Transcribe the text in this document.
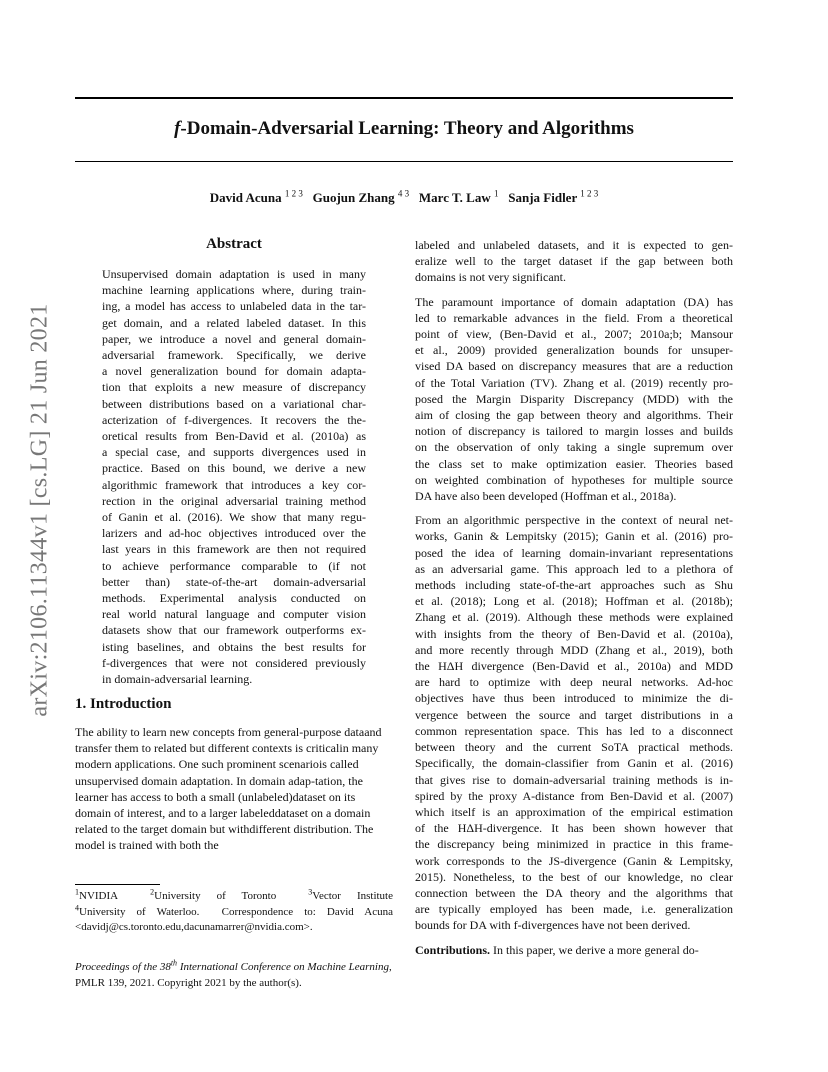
f-Domain-Adversarial Learning: Theory and Algorithms
David Acuna $^{1 2 3}$ Guojun Zhang $^{4 3}$ Marc T. Law $^1$ Sanja Fidler $^{1 2 3}$
arXiv:2106.11344v1 [cs.LG] 21 Jun 2021
Abstract
Unsupervised domain adaptation is used in many
machine learning applications where, during train-
ing, a model has access to unlabeled data in the tar-
get domain, and a related labeled dataset. In this
paper, we introduce a novel and general domain-
adversarial framework. Specifically, we derive
a novel generalization bound for domain adapta-
tion that exploits a new measure of discrepancy
between distributions based on a variational char-
acterization of f-divergences. It recovers the the-
oretical results from Ben-David et al. (2010a) as
a special case, and supports divergences used in
practice. Based on this bound, we derive a new
algorithmic framework that introduces a key cor-
rection in the original adversarial training method
of Ganin et al. (2016). We show that many regu-
larizers and ad-hoc objectives introduced over the
last years in this framework are then not required
to achieve performance comparable to (if not
better than) state-of-the-art domain-adversarial
methods. Experimental analysis conducted on
real world natural language and computer vision
datasets show that our framework outperforms ex-
isting baselines, and obtains the best results for
f-divergences that were not considered previously
in domain-adversarial learning.
1. Introduction
The ability to learn new concepts from general-purpose dataand transfer them to related but different contexts is criticalin many modern applications. One such prominent scenariois called unsupervised domain adaptation. In domain adap-tation, the learner has access to both a small (unlabeled)dataset on its domain of interest, and to a larger labeleddataset on a domain related to the target domain but withdifferent distribution. The model is trained with both the
$^1$NVIDIA  $^2$University of Toronto  $^3$Vector Institute
$^4$University of Waterloo.  Correspondence to: David Acuna
<davidj@cs.toronto.edu,dacunamarrer@nvidia.com>.
Proceedings of the 38th International Conference on Machine Learning, PMLR 139, 2021. Copyright 2021 by the author(s).
labeled and unlabeled datasets, and it is expected to gen-
eralize well to the target dataset if the gap between both
domains is not very significant.
The paramount importance of domain adaptation (DA) has
led to remarkable advances in the field. From a theoretical
point of view, (Ben-David et al., 2007; 2010a;b; Mansour
et al., 2009) provided generalization bounds for unsuper-
vised DA based on discrepancy measures that are a reduction
of the Total Variation (TV). Zhang et al. (2019) recently pro-
posed the Margin Disparity Discrepancy (MDD) with the
aim of closing the gap between theory and algorithms. Their
notion of discrepancy is tailored to margin losses and builds
on the observation of only taking a single supremum over
the class set to make optimization easier. Theories based
on weighted combination of hypotheses for multiple source
DA have also been developed (Hoffman et al., 2018a).
From an algorithmic perspective in the context of neural net-
works, Ganin & Lempitsky (2015); Ganin et al. (2016) pro-
posed the idea of learning domain-invariant representations
as an adversarial game. This approach led to a plethora of
methods including state-of-the-art approaches such as Shu
et al. (2018); Long et al. (2018); Hoffman et al. (2018b);
Zhang et al. (2019). Although these methods were explained
with insights from the theory of Ben-David et al. (2010a),
and more recently through MDD (Zhang et al., 2019), both
the HΔH divergence (Ben-David et al., 2010a) and MDD
are hard to optimize with deep neural networks. Ad-hoc
objectives have thus been introduced to minimize the di-
vergence between the source and target distributions in a
common representation space. This has led to a disconnect
between theory and the current SoTA practical methods.
Specifically, the domain-classifier from Ganin et al. (2016)
that gives rise to domain-adversarial training methods is in-
spired by the proxy A-distance from Ben-David et al. (2007)
which itself is an approximation of the empirical estimation
of the HΔH-divergence. It has been shown however that
the discrepancy being minimized in practice in this frame-
work corresponds to the JS-divergence (Ganin & Lempitsky,
2015). Nonetheless, to the best of our knowledge, no clear
connection between the DA theory and the algorithms that
are typically employed has been made, i.e. generalization
bounds for DA with f-divergences have not been derived.
Contributions. In this paper, we derive a more general do-
